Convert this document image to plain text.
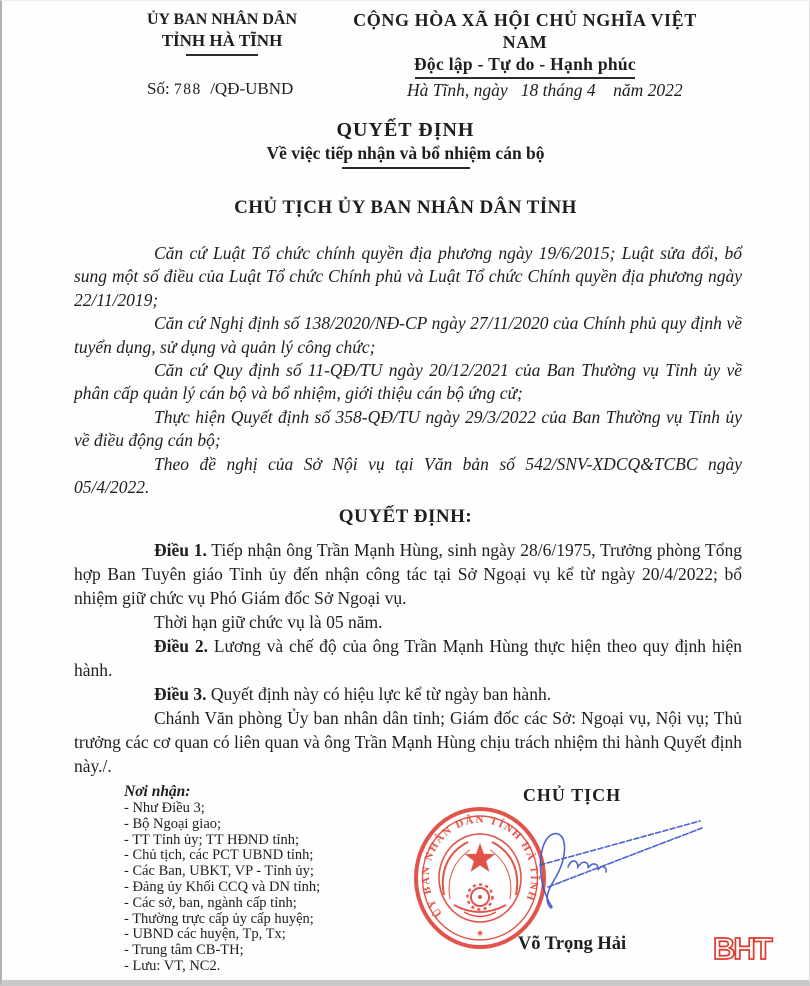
ỦY BAN NHÂN DÂN
TỈNH HÀ TĨNH
CỘNG HÒA XÃ HỘI CHỦ NGHĨA VIỆT NAM
Độc lập - Tự do - Hạnh phúc
Số: 788  /QĐ-UBND	Hà Tĩnh, ngày   18 tháng 4    năm 2022
QUYẾT ĐỊNH
Về việc tiếp nhận và bổ nhiệm cán bộ
CHỦ TỊCH ỦY BAN NHÂN DÂN TỈNH

Căn cứ Luật Tổ chức chính quyền địa phương ngày 19/6/2015; Luật sửa đổi, bổ sung một số điều của Luật Tổ chức Chính phủ và Luật Tổ chức Chính quyền địa phương ngày 22/11/2019;

Căn cứ Nghị định số 138/2020/NĐ-CP ngày 27/11/2020 của Chính phủ quy định về tuyển dụng, sử dụng và quản lý công chức;

Căn cứ Quy định số 11-QĐ/TU ngày 20/12/2021 của Ban Thường vụ Tỉnh ủy về phân cấp quản lý cán bộ và bổ nhiệm, giới thiệu cán bộ ứng cử;

Thực hiện Quyết định số 358-QĐ/TU ngày 29/3/2022 của Ban Thường vụ Tỉnh ủy về điều động cán bộ;

Theo đề nghị của Sở Nội vụ tại Văn bản số 542/SNV-XDCQ&TCBC ngày 05/4/2022.

QUYẾT ĐỊNH:

Điều 1. Tiếp nhận ông Trần Mạnh Hùng, sinh ngày 28/6/1975, Trưởng phòng Tổng hợp Ban Tuyên giáo Tỉnh ủy đến nhận công tác tại Sở Ngoại vụ kể từ ngày 20/4/2022; bổ nhiệm giữ chức vụ Phó Giám đốc Sở Ngoại vụ.

Thời hạn giữ chức vụ là 05 năm.

Điều 2. Lương và chế độ của ông Trần Mạnh Hùng thực hiện theo quy định hiện hành.

Điều 3. Quyết định này có hiệu lực kể từ ngày ban hành.

Chánh Văn phòng Ủy ban nhân dân tỉnh; Giám đốc các Sở: Ngoại vụ, Nội vụ; Thủ trưởng các cơ quan có liên quan và ông Trần Mạnh Hùng chịu trách nhiệm thi hành Quyết định này./.

Nơi nhận:
- Như Điều 3;
- Bộ Ngoại giao;
- TT Tỉnh ủy; TT HĐND tỉnh;
- Chủ tịch, các PCT UBND tỉnh;
- Các Ban, UBKT, VP - Tỉnh ủy;
- Đảng ủy Khối CCQ và DN tỉnh;
- Các sở, ban, ngành cấp tỉnh;
- Thường trực cấp ủy cấp huyện;
- UBND các huyện, Tp, Tx;
- Trung tâm CB-TH;
- Lưu: VT, NC2.
CHỦ TỊCH
ỦY BAN NHÂN DÂN TỈNH HÀ TĨNH
★	Võ Trọng Hải	BHT
